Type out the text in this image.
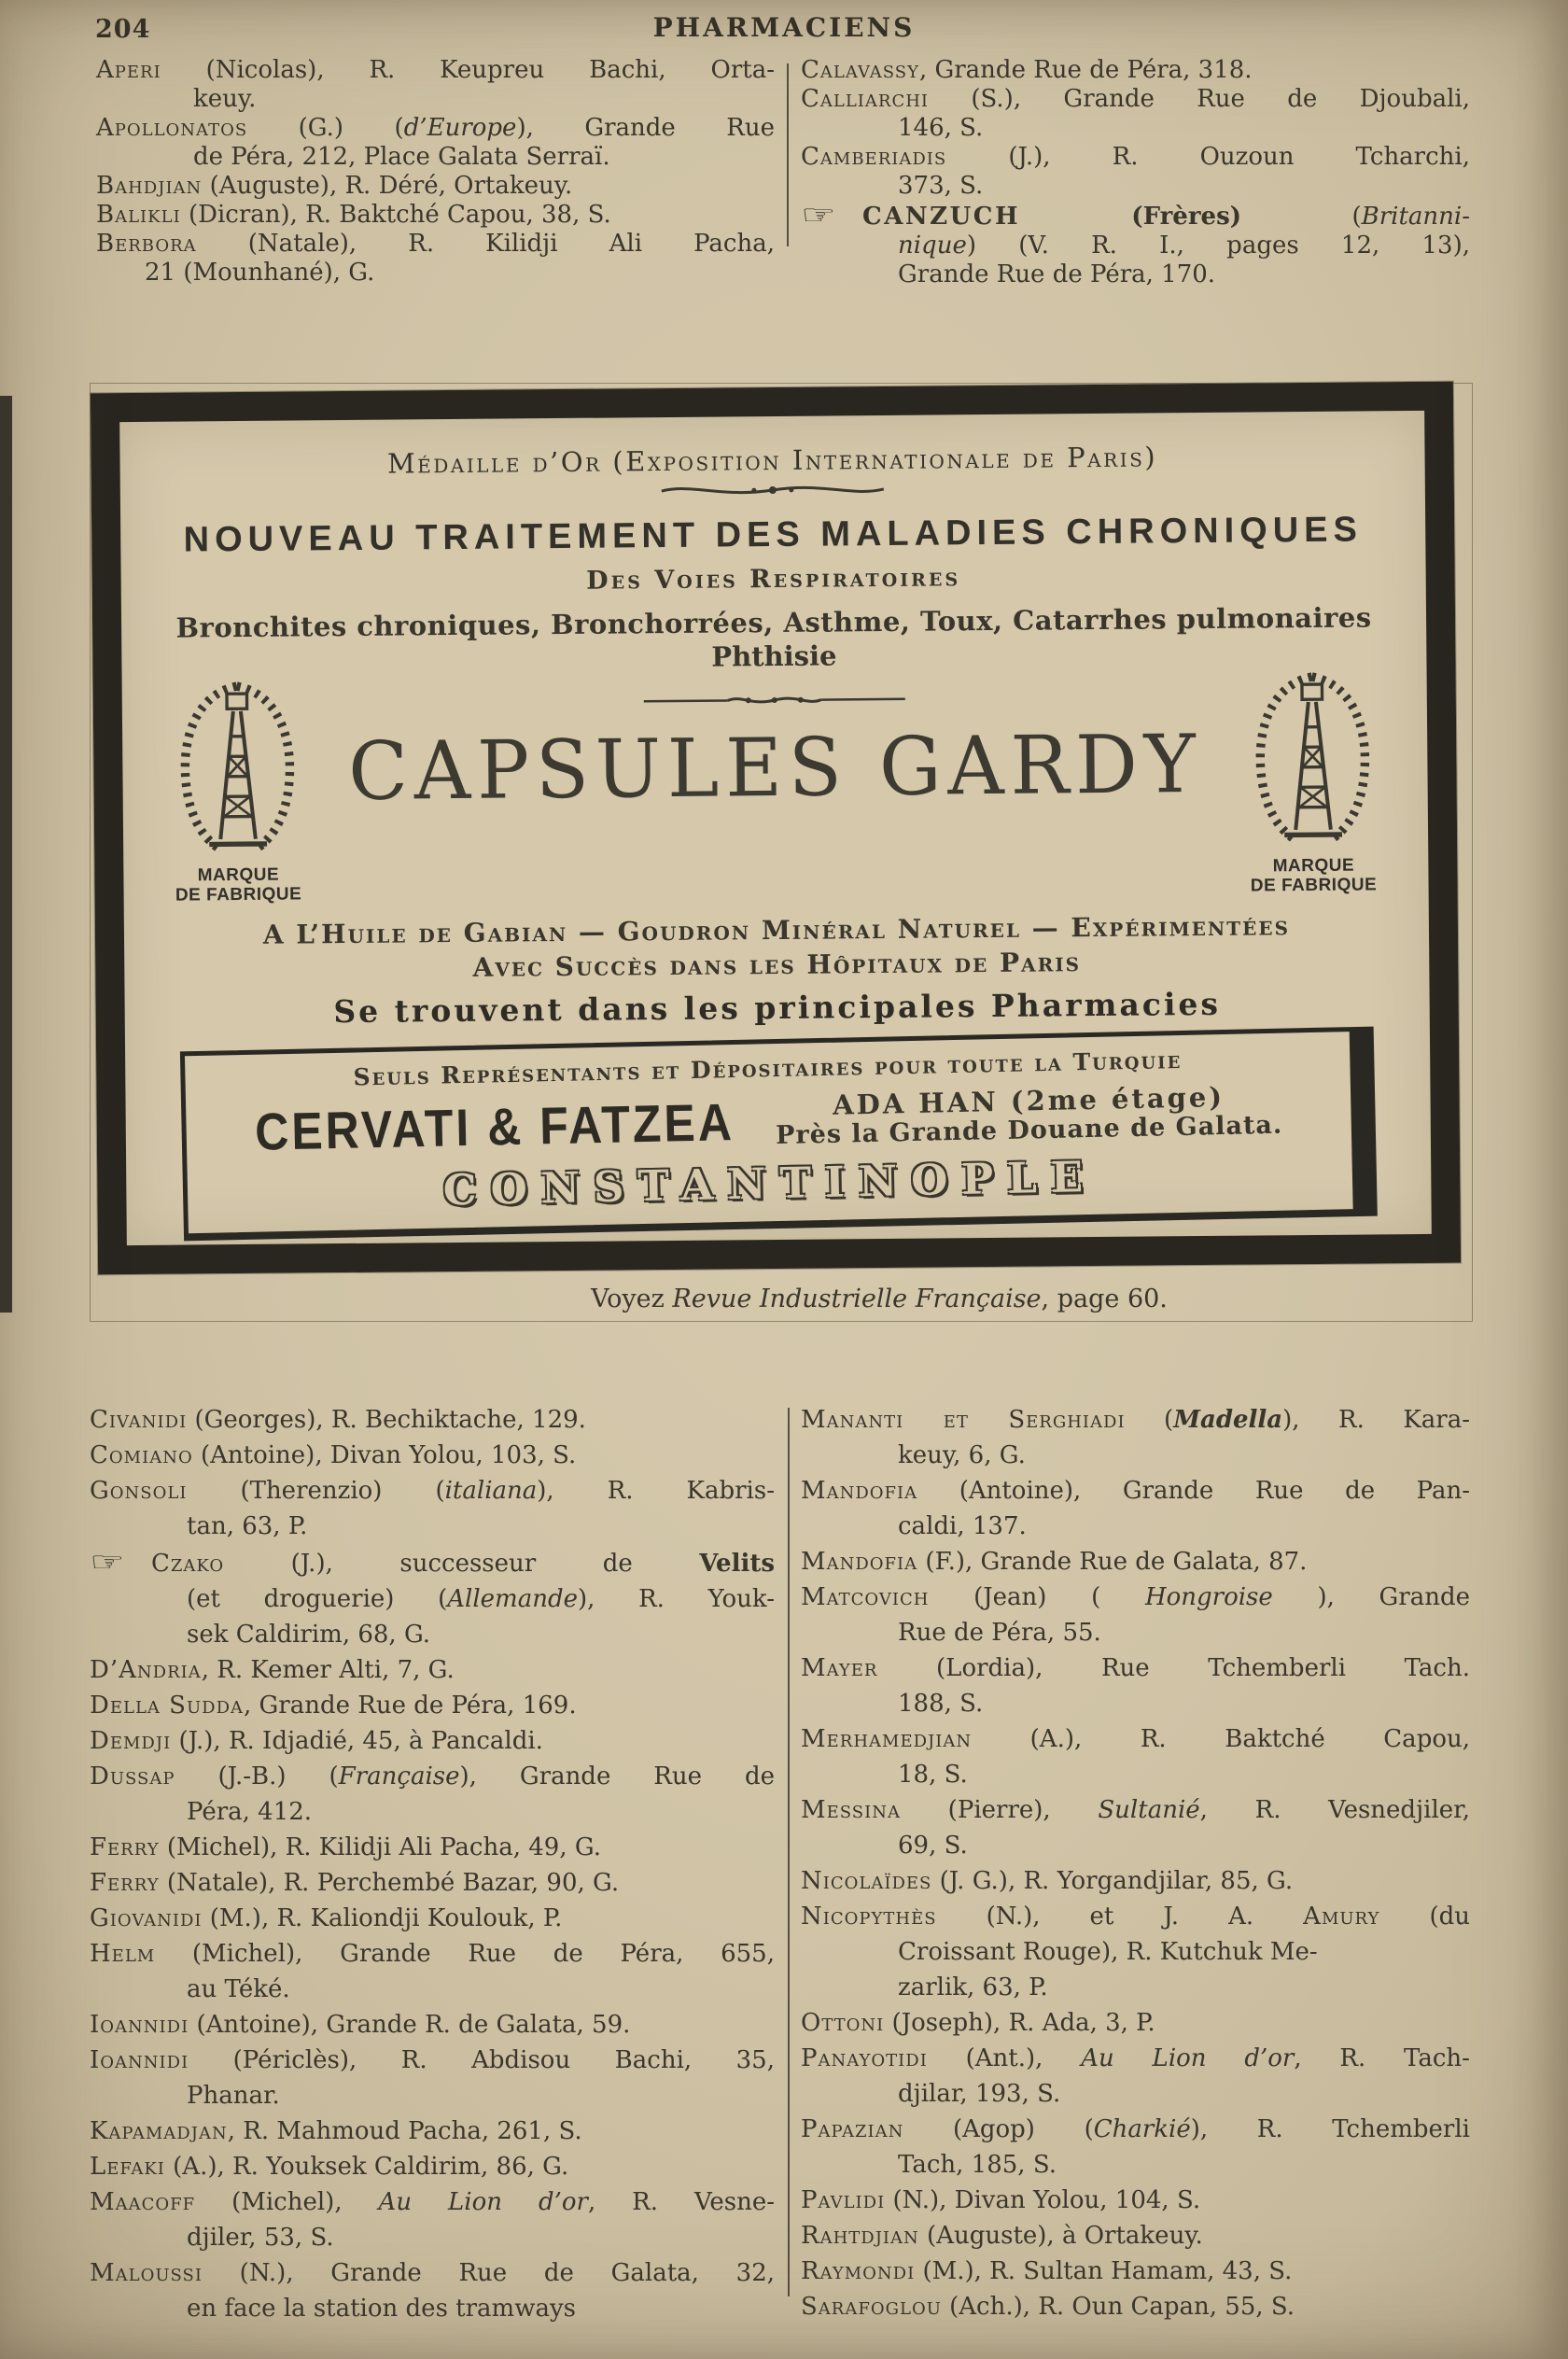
204	PHARMACIENS
Aperi (Nicolas), R. Keupreu Bachi, Orta-
keuy.
Apollonatos (G.) (d’Europe), Grande Rue
de Péra, 212, Place Galata Serraï.
Bahdjian (Auguste), R. Déré, Ortakeuy.
Balikli (Dicran), R. Baktché Capou, 38, S.
Berbora (Natale), R. Kilidji Ali Pacha,
21 (Mounhané), G.
Calavassy, Grande Rue de Péra, 318.
Calliarchi (S.), Grande Rue de Djoubali,
146, S.
Camberiadis (J.), R. Ouzoun Tcharchi,
373, S.
☞ CANZUCH (Frères) (Britanni-
nique) (V. R. I., pages 12, 13),
Grande Rue de Péra, 170.
Médaille d’Or (Exposition Internationale de Paris)
NOUVEAU TRAITEMENT DES MALADIES CHRONIQUES
Des Voies Respiratoires
Bronchites chroniques, Bronchorrées, Asthme, Toux, Catarrhes pulmonaires
Phthisie
MARQUE
DE FABRIQUE
MARQUE
DE FABRIQUE
CAPSULES GARDY
A L’Huile de Gabian — Goudron Minéral Naturel — Expérimentées
Avec Succès dans les Hôpitaux de Paris
Se trouvent dans les principales Pharmacies
Seuls Représentants et Dépositaires pour toute la Turquie
CERVATI & FATZEA	ADA HAN (2me étage)
Près la Grande Douane de Galata.
CONSTANTINOPLE
Voyez Revue Industrielle Française, page 60.
Civanidi (Georges), R. Bechiktache, 129.
Comiano (Antoine), Divan Yolou, 103, S.
Gonsoli (Therenzio) (italiana), R. Kabris-
tan, 63, P.
☞ Czako (J.), successeur de Velits
(et droguerie) (Allemande), R. Youk-
sek Caldirim, 68, G.
D’Andria, R. Kemer Alti, 7, G.
Della Sudda, Grande Rue de Péra, 169.
Demdji (J.), R. Idjadié, 45, à Pancaldi.
Dussap (J.-B.) (Française), Grande Rue de
Péra, 412.
Ferry (Michel), R. Kilidji Ali Pacha, 49, G.
Ferry (Natale), R. Perchembé Bazar, 90, G.
Giovanidi (M.), R. Kaliondji Koulouk, P.
Helm (Michel), Grande Rue de Péra, 655,
au Téké.
Ioannidi (Antoine), Grande R. de Galata, 59.
Ioannidi (Périclès), R. Abdisou Bachi, 35,
Phanar.
Kapamadjan, R. Mahmoud Pacha, 261, S.
Lefaki (A.), R. Youksek Caldirim, 86, G.
Maacoff (Michel), Au Lion d’or, R. Vesne-
djiler, 53, S.
Maloussi (N.), Grande Rue de Galata, 32,
en face la station des tramways
Mananti et Serghiadi (Madella), R. Kara-
keuy, 6, G.
Mandofia (Antoine), Grande Rue de Pan-
caldi, 137.
Mandofia (F.), Grande Rue de Galata, 87.
Matcovich (Jean) ( Hongroise ), Grande
Rue de Péra, 55.
Mayer (Lordia), Rue Tchemberli Tach.
188, S.
Merhamedjian (A.), R. Baktché Capou,
18, S.
Messina (Pierre), Sultanié, R. Vesnedjiler,
69, S.
Nicolaïdes (J. G.), R. Yorgandjilar, 85, G.
Nicopythès (N.), et J. A. Amury (du
Croissant Rouge), R. Kutchuk Me-
zarlik, 63, P.
Ottoni (Joseph), R. Ada, 3, P.
Panayotidi (Ant.), Au Lion d’or, R. Tach-
djilar, 193, S.
Papazian (Agop) (Charkié), R. Tchemberli
Tach, 185, S.
Pavlidi (N.), Divan Yolou, 104, S.
Rahtdjian (Auguste), à Ortakeuy.
Raymondi (M.), R. Sultan Hamam, 43, S.
Sarafoglou (Ach.), R. Oun Capan, 55, S.
